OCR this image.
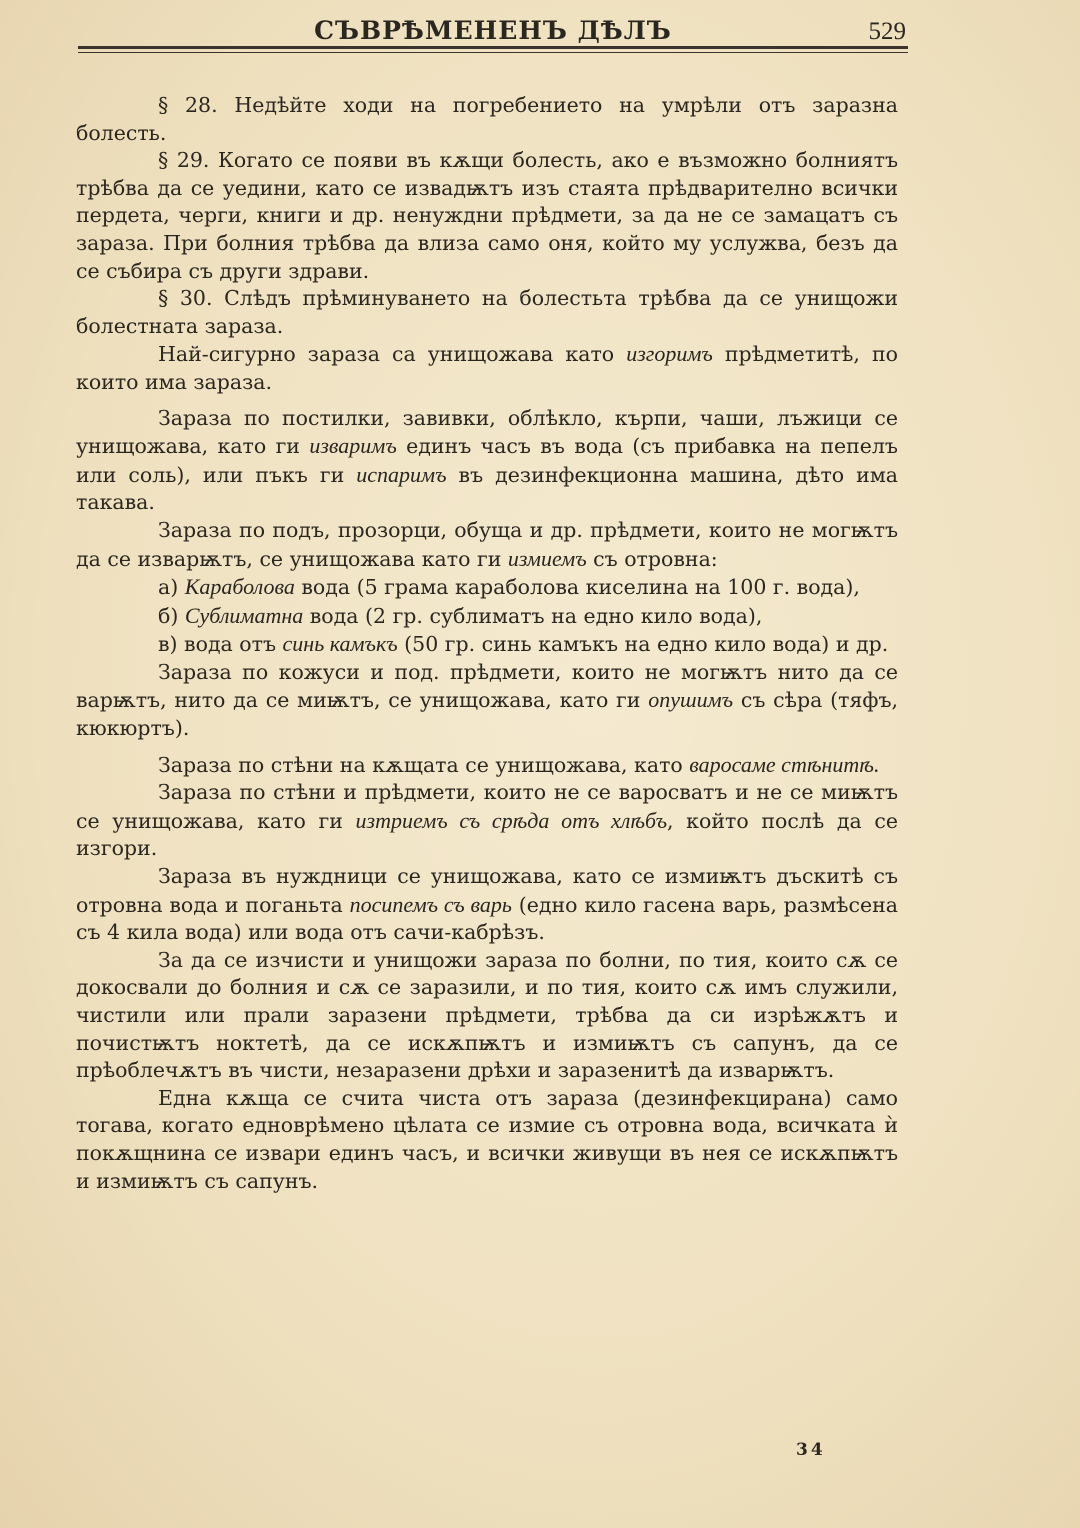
СЪВРѢМЕНЕНЪ ДѢЛЪ	529

§ 28. Недѣйте ходи на погребението на умрѣли отъ заразна болесть.

§ 29. Когато се появи въ кѫщи болесть, ако е възможно болниятъ трѣбва да се уедини, като се извадѭтъ изъ стаята прѣдварително всички пердета, черги, книги и др. ненуждни прѣдмети, за да не се замацатъ съ зараза. При болния трѣбва да влиза само оня, който му услужва, безъ да се събира съ други здрави.

§ 30. Слѣдъ прѣминуването на болестьта трѣбва да се унищожи болестната зараза.

Най-сигурно зараза са унищожава като изгоримъ прѣдметитѣ, по които има зараза.

Зараза по постилки, завивки, облѣкло, кърпи, чаши, лъжици се унищожава, като ги изваримъ единъ часъ въ вода (съ прибавка на пепелъ или соль), или пъкъ ги испаримъ въ дезинфекционна машина, дѣто има такава.

Зараза по подъ, прозорци, обуща и др. прѣдмети, които не могѭтъ да се изварѭтъ, се унищожава като ги измиемъ съ отровна:

а) Караболова вода (5 грама караболова киселина на 100 г. вода),

б) Сублиматна вода (2 гр. сублиматъ на едно кило вода),

в) вода отъ синь камъкъ (50 гр. синь камъкъ на едно кило вода) и др.

Зараза по кожуси и под. прѣдмети, които не могѭтъ нито да се варѭтъ, нито да се миѭтъ, се унищожава, като ги опушимъ съ сѣра (тяфъ, кюкюртъ).

Зараза по стѣни на кѫщата се унищожава, като варосаме стѣнитѣ.

Зараза по стѣни и прѣдмети, които не се варосватъ и не се миѭтъ се унищожава, като ги изтриемъ съ срѣда отъ хлѣбъ, който послѣ да се изгори.

Зараза въ нуждници се унищожава, като се измиѭтъ дъскитѣ съ отровна вода и поганьта посипемъ съ варь (едно кило гасена варь, размѣсена съ 4 кила вода) или вода отъ сачи-кабрѣзъ.

За да се изчисти и унищожи зараза по болни, по тия, които сѫ се докосвали до болния и сѫ се заразили, и по тия, които сѫ имъ служили, чистили или прали заразени прѣдмети, трѣбва да си изрѣжѫтъ и почистѭтъ ноктетѣ, да се искѫпѭтъ и измиѭтъ съ сапунъ, да се прѣоблечѫтъ въ чисти, незаразени дрѣхи и заразенитѣ да изварѭтъ.

Една кѫща се счита чиста отъ зараза (дезинфекцирана) само тогава, когато едноврѣмено цѣлата се измие съ отровна вода, всичката ѝ покѫщнина се извари единъ часъ, и всички живущи въ нея се искѫпѭтъ и измиѭтъ съ сапунъ.

34
